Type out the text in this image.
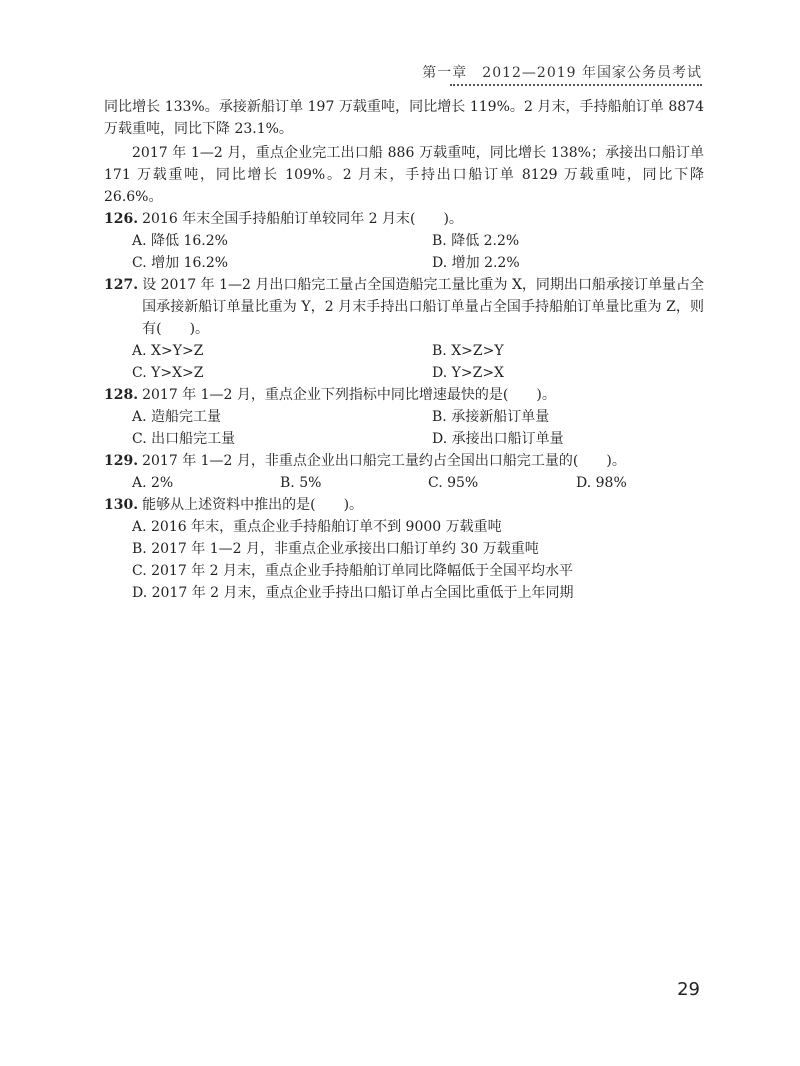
第一章　2012—2019 年国家公务员考试

同比增长 133%。承接新船订单 197 万载重吨，同比增长 119%。2 月末，手持船舶订单 8874 万载重吨，同比下降 23.1%。

2017 年 1—2 月，重点企业完工出口船 886 万载重吨，同比增长 138%；承接出口船订单 171 万载重吨，同比增长 109%。2 月末，手持出口船订单 8129 万载重吨，同比下降 26.6%。

126. 2016 年末全国手持船舶订单较同年 2 月末(　　)。
A. 降低 16.2%	B. 降低 2.2%
C. 增加 16.2%	D. 增加 2.2%
127. 设 2017 年 1—2 月出口船完工量占全国造船完工量比重为 X，同期出口船承接订单量占全国承接新船订单量比重为 Y，2 月末手持出口船订单量占全国手持船舶订单量比重为 Z，则有(　　)。
A. X>Y>Z	B. X>Z>Y
C. Y>X>Z	D. Y>Z>X
128. 2017 年 1—2 月，重点企业下列指标中同比增速最快的是(　　)。
A. 造船完工量	B. 承接新船订单量
C. 出口船完工量	D. 承接出口船订单量
129. 2017 年 1—2 月，非重点企业出口船完工量约占全国出口船完工量的(　　)。
A. 2%	B. 5%	C. 95%	D. 98%
130. 能够从上述资料中推出的是(　　)。
A. 2016 年末，重点企业手持船舶订单不到 9000 万载重吨
B. 2017 年 1—2 月，非重点企业承接出口船订单约 30 万载重吨
C. 2017 年 2 月末，重点企业手持船舶订单同比降幅低于全国平均水平
D. 2017 年 2 月末，重点企业手持出口船订单占全国比重低于上年同期
29
